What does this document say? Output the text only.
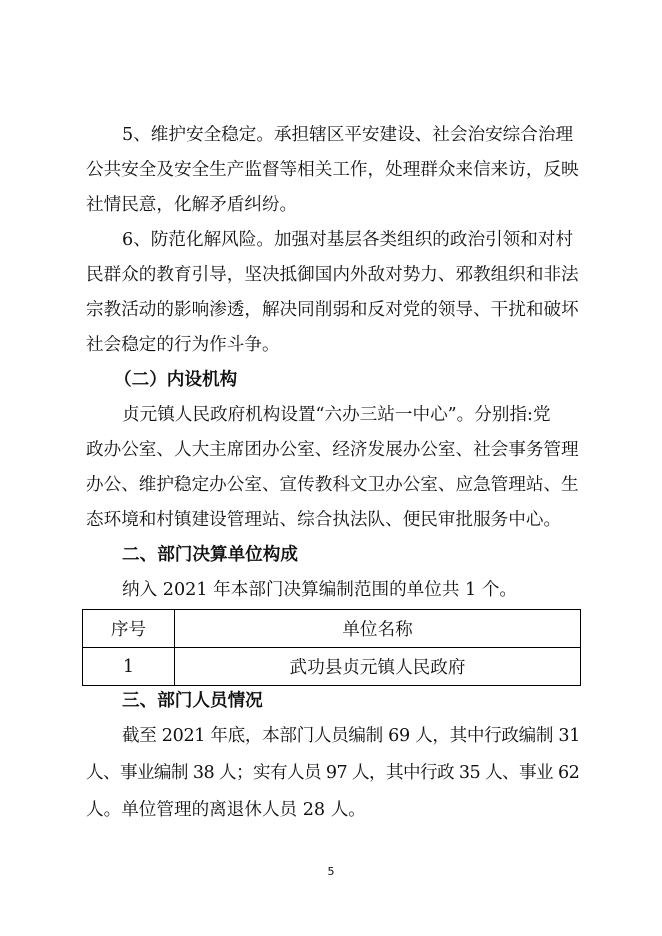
5、维护安全稳定。承担辖区平安建设、社会治安综合治理
公共安全及安全生产监督等相关工作，处理群众来信来访，反映
社情民意，化解矛盾纠纷。
6、防范化解风险。加强对基层各类组织的政治引领和对村
民群众的教育引导，坚决抵御国内外敌对势力、邪教组织和非法
宗教活动的影响渗透，解决同削弱和反对党的领导、干扰和破坏
社会稳定的行为作斗争。
（二）内设机构
贞元镇人民政府机构设置“六办三站一中心”。分别指:党
政办公室、人大主席团办公室、经济发展办公室、社会事务管理
办公、维护稳定办公室、宣传教科文卫办公室、应急管理站、生
态环境和村镇建设管理站、综合执法队、便民审批服务中心。
二、部门决算单位构成
纳入 2021 年本部门决算编制范围的单位共 1 个。
序号	单位名称
1	武功县贞元镇人民政府
三、部门人员情况
截至 2021 年底，本部门人员编制 69 人，其中行政编制 31
人、事业编制 38 人；实有人员 97 人，其中行政 35 人、事业 62
人。单位管理的离退休人员 28 人。
5
